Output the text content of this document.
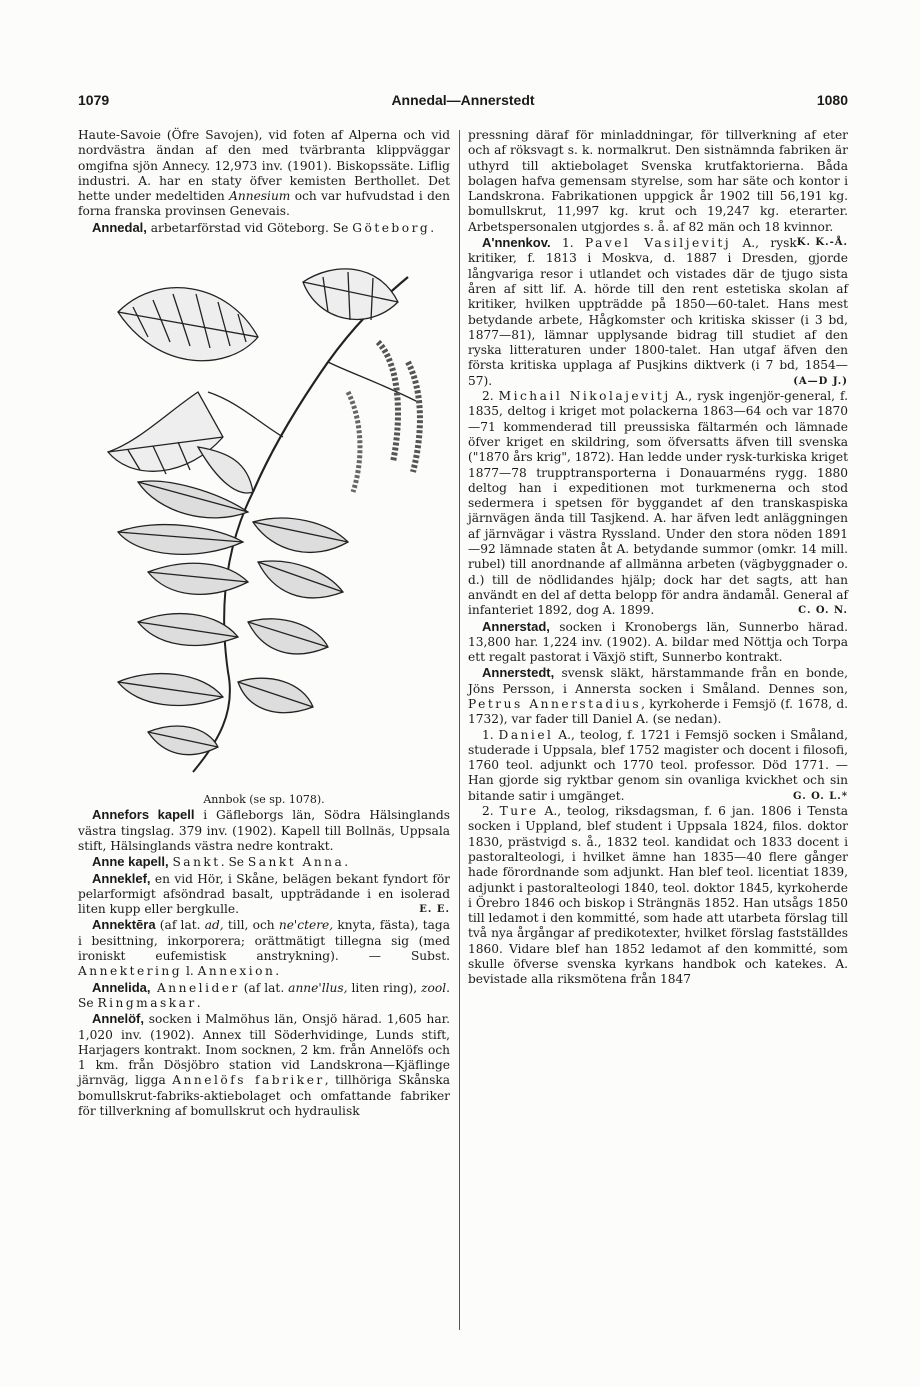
1079	Annedal—Annerstedt	1080

Haute-Savoie (Öfre Savojen), vid foten af Alperna och vid nordvästra ändan af den med tvärbranta klippväggar omgifna sjön Annecy. 12,973 inv. (1901). Biskopssäte. Liflig industri. A. har en staty öfver kemisten Berthollet. Det hette under medeltiden Annesium och var hufvudstad i den forna franska provinsen Genevais.

Annedal, arbetarförstad vid Göteborg. Se Göteborg.

Annbok (se sp. 1078).

Annefors kapell i Gäfleborgs län, Södra Hälsinglands västra tingslag. 379 inv. (1902). Kapell till Bollnäs, Uppsala stift, Hälsinglands västra nedre kontrakt.

Anne kapell, Sankt. Se Sankt Anna.

Anneklef, en vid Hör, i Skåne, belägen bekant fyndort för pelarformigt afsöndrad basalt, uppträdande i en isolerad liten kupp eller bergkulle.	E. E.

Annektēra (af lat. ad, till, och ne'ctere, knyta, fästa), taga i besittning, inkorporera; orättmätigt tillegna sig (med ironiskt eufemistisk anstrykning). — Subst. Annektering l. Annexion.

Annelida, Annelider (af lat. anne'llus, liten ring), zool. Se Ringmaskar.

Annelöf, socken i Malmöhus län, Onsjö härad. 1,605 har. 1,020 inv. (1902). Annex till Söderhvidinge, Lunds stift, Harjagers kontrakt. Inom socknen, 2 km. från Annelöfs och 1 km. från Dösjöbro station vid Landskrona—Kjäflinge järnväg, ligga Annelöfs fabriker, tillhöriga Skånska bomullskrut-fabriks-aktiebolaget och omfattande fabriker för tillverkning af bomullskrut och hydraulisk

pressning däraf för minladdningar, för tillverkning af eter och af röksvagt s. k. normalkrut. Den sistnämnda fabriken är uthyrd till aktiebolaget Svenska krutfaktorierna. Båda bolagen hafva gemensam styrelse, som har säte och kontor i Landskrona. Fabrikationen uppgick år 1902 till 56,191 kg. bomullskrut, 11,997 kg. krut och 19,247 kg. eterarter. Arbetspersonalen utgjordes s. å. af 82 män och 18 kvinnor.
K. K.-Å.

A'nnenkov. 1. Pavel Vasiljevitj A., rysk kritiker, f. 1813 i Moskva, d. 1887 i Dresden, gjorde långvariga resor i utlandet och vistades där de tjugo sista åren af sitt lif. A. hörde till den rent estetiska skolan af kritiker, hvilken uppträdde på 1850—60-talet. Hans mest betydande arbete, Hågkomster och kritiska skisser (i 3 bd, 1877—81), lämnar upplysande bidrag till studiet af den ryska litteraturen under 1800-talet. Han utgaf äfven den första kritiska upplaga af Pusjkins diktverk (i 7 bd, 1854—57).	(A—D J.)

2. Michail Nikolajevitj A., rysk ingenjör-general, f. 1835, deltog i kriget mot polackerna 1863—64 och var 1870—71 kommenderad till preussiska fältarmén och lämnade öfver kriget en skildring, som öfversatts äfven till svenska ("1870 års krig", 1872). Han ledde under rysk-turkiska kriget 1877—78 trupptransporterna i Donauarméns rygg. 1880 deltog han i expeditionen mot turkmenerna och stod sedermera i spetsen för byggandet af den transkaspiska järnvägen ända till Tasjkend. A. har äfven ledt anläggningen af järnvägar i västra Ryssland. Under den stora nöden 1891—92 lämnade staten åt A. betydande summor (omkr. 14 mill. rubel) till anordnande af allmänna arbeten (vägbyggnader o. d.) till de nödlidandes hjälp; dock har det sagts, att han användt en del af detta belopp för andra ändamål. General af infanteriet 1892, dog A. 1899.	C. O. N.

Annerstad, socken i Kronobergs län, Sunnerbo härad. 13,800 har. 1,224 inv. (1902). A. bildar med Nöttja och Torpa ett regalt pastorat i Växjö stift, Sunnerbo kontrakt.

Annerstedt, svensk släkt, härstammande från en bonde, Jöns Persson, i Annersta socken i Småland. Dennes son, Petrus Annerstadius, kyrkoherde i Femsjö (f. 1678, d. 1732), var fader till Daniel A. (se nedan).

1. Daniel A., teolog, f. 1721 i Femsjö socken i Småland, studerade i Uppsala, blef 1752 magister och docent i filosofi, 1760 teol. adjunkt och 1770 teol. professor. Död 1771. — Han gjorde sig ryktbar genom sin ovanliga kvickhet och sin bitande satir i umgänget.	G. O. L.*

2. Ture A., teolog, riksdagsman, f. 6 jan. 1806 i Tensta socken i Uppland, blef student i Uppsala 1824, filos. doktor 1830, prästvigd s. å., 1832 teol. kandidat och 1833 docent i pastoralteologi, i hvilket ämne han 1835—40 flere gånger hade förordnande som adjunkt. Han blef teol. licentiat 1839, adjunkt i pastoralteologi 1840, teol. doktor 1845, kyrkoherde i Örebro 1846 och biskop i Strängnäs 1852. Han utsågs 1850 till ledamot i den kommitté, som hade att utarbeta förslag till två nya årgångar af predikotexter, hvilket förslag fastställdes 1860. Vidare blef han 1852 ledamot af den kommitté, som skulle öfverse svenska kyrkans handbok och katekes. A. bevistade alla riksmötena från 1847
